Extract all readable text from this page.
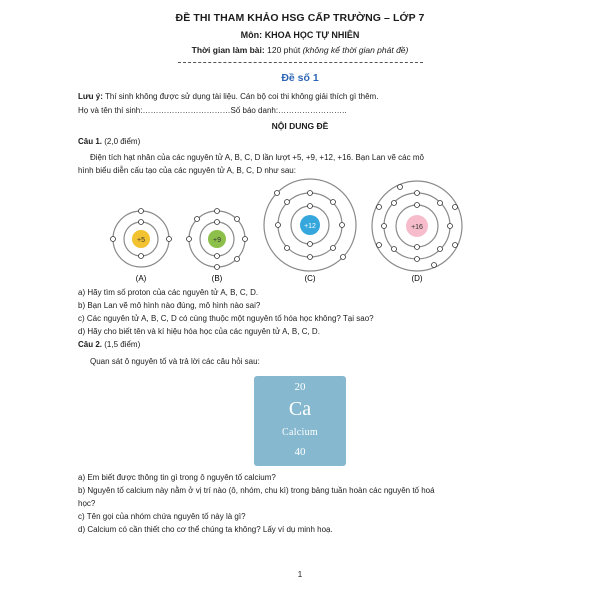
ĐỀ THI THAM KHẢO HSG CẤP TRƯỜNG – LỚP 7
Môn: KHOA HỌC TỰ NHIÊN
Thời gian làm bài: 120 phút (không kể thời gian phát đề)
Đề số 1
Lưu ý: Thí sinh không được sử dụng tài liệu. Cán bộ coi thi không giải thích gì thêm.
Họ và tên thí sinh:……………………………Số báo danh:……………………..
NỘI DUNG ĐỀ
Câu 1. (2,0 điểm)
Điện tích hạt nhân của các nguyên tử A, B, C, D lần lượt +5, +9, +12, +16. Bạn Lan vẽ các mô
hình biểu diễn cấu tạo của các nguyên tử A, B, C, D như sau:
+5
(A)
+9
(B)
+12
(C)
+16
(D)
a) Hãy tìm số proton của các nguyên tử A, B, C, D.
b) Bạn Lan vẽ mô hình nào đúng, mô hình nào sai?
c) Các nguyên tử A, B, C, D có cùng thuộc một nguyên tố hóa học không? Tại sao?
d) Hãy cho biết tên và kí hiệu hóa học của các nguyên tử A, B, C, D.
Câu 2. (1,5 điểm)
Quan sát ô nguyên tố và trả lời các câu hỏi sau:
20
Ca
Calcium
40
a) Em biết được thông tin gì trong ô nguyên tố calcium?
b) Nguyên tố calcium này nằm ở vị trí nào (ô, nhóm, chu kì) trong bảng tuần hoàn các nguyên tố hoá
học?
c) Tên gọi của nhóm chứa nguyên tố này là gì?
d) Calcium có cần thiết cho cơ thể chúng ta không? Lấy ví dụ minh hoạ.
1
